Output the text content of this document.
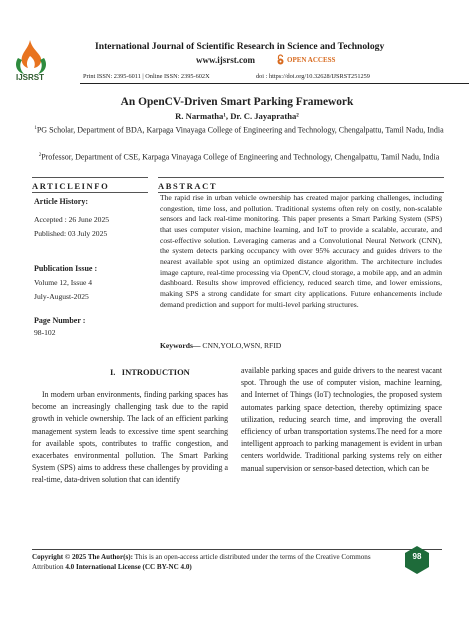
IJSRST
International Journal of Scientific Research in Science and Technology
www.ijsrst.com	OPEN ACCESS
Print ISSN: 2395-6011 | Online ISSN: 2395-602X	doi : https://doi.org/10.32628/IJSRST251259
An OpenCV-Driven Smart Parking Framework
R. Narmatha¹, Dr. C. Jayapratha²
$^1$PG Scholar, Department of BDA, Karpaga Vinayaga College of Engineering and Technology, Chengalpattu, Tamil Nadu, India
$^2$Professor, Department of CSE, Karpaga Vinayaga College of Engineering and Technology, Chengalpattu, Tamil Nadu, India
ARTICLEINFO
Article History:
Accepted : 26 June 2025
Published: 03 July 2025
Publication Issue :
Volume 12, Issue 4
July-August-2025
Page Number :
98-102
ABSTRACT
The rapid rise in urban vehicle ownership has created major parking challenges, including congestion, time loss, and pollution. Traditional systems often rely on costly, non-scalable sensors and lack real-time monitoring. This paper presents a Smart Parking System (SPS) that uses computer vision, machine learning, and IoT to provide a scalable, accurate, and cost-effective solution. Leveraging cameras and a Convolutional Neural Network (CNN), the system detects parking occupancy with over 95% accuracy and guides drivers to the nearest available spot using an optimized distance algorithm. The architecture includes image capture, real-time processing via OpenCV, cloud storage, a mobile app, and an admin dashboard. Results show improved efficiency, reduced search time, and lower emissions, making SPS a strong candidate for smart city applications. Future enhancements include demand prediction and support for multi-level parking structures.
Keywords— CNN,YOLO,WSN, RFID
I.   INTRODUCTION
In modern urban environments, finding parking spaces has become an increasingly challenging task due to the rapid growth in vehicle ownership. The lack of an efficient parking management system leads to excessive time spent searching for available spots, contributes to traffic congestion, and exacerbates environmental pollution. The Smart Parking System (SPS) aims to address these challenges by providing a real-time, data-driven solution that can identify
available parking spaces and guide drivers to the nearest vacant spot. Through the use of computer vision, machine learning, and Internet of Things (IoT) technologies, the proposed system automates parking space detection, thereby optimizing space utilization, reducing search time, and improving the overall efficiency of urban transportation systems.The need for a more intelligent approach to parking management is evident in urban centers worldwide. Traditional parking systems rely on either manual supervision or sensor-based detection, which can be
Copyright © 2025 The Author(s): This is an open-access article distributed under the terms of the Creative Commons Attribution 4.0 International License (CC BY-NC 4.0)
98
